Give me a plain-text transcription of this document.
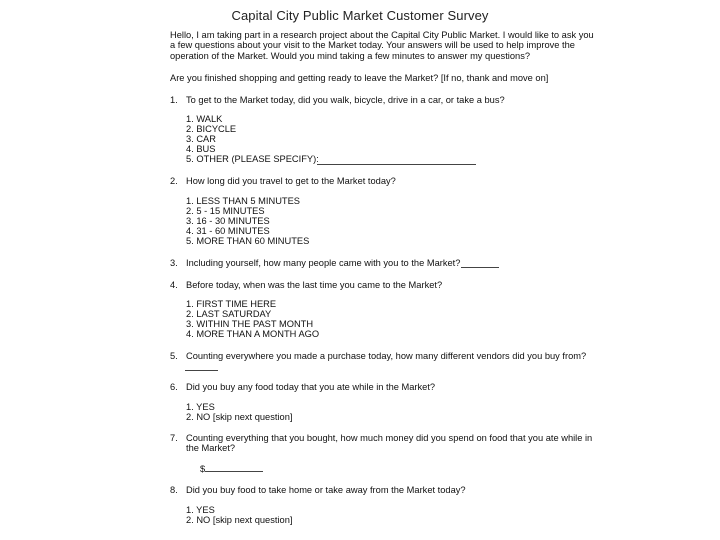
Capital City Public Market Customer Survey
Hello, I am taking part in a research project about the Capital City Public Market. I would like to ask you
a few questions about your visit to the Market today. Your answers will be used to help improve the
operation of the Market. Would you mind taking a few minutes to answer my questions?
Are you finished shopping and getting ready to leave the Market? [If no, thank and move on]
1. To get to the Market today, did you walk, bicycle, drive in a car, or take a bus?
1. WALK
2. BICYCLE
3. CAR
4. BUS
5. OTHER (PLEASE SPECIFY):
2. How long did you travel to get to the Market today?
1. LESS THAN 5 MINUTES
2. 5 - 15 MINUTES
3. 16 - 30 MINUTES
4. 31 - 60 MINUTES
5. MORE THAN 60 MINUTES
3. Including yourself, how many people came with you to the Market?
4. Before today, when was the last time you came to the Market?
1. FIRST TIME HERE
2. LAST SATURDAY
3. WITHIN THE PAST MONTH
4. MORE THAN A MONTH AGO
5. Counting everywhere you made a purchase today, how many different vendors did you buy from?
6. Did you buy any food today that you ate while in the Market?
1. YES
2. NO [skip next question]
7. Counting everything that you bought, how much money did you spend on food that you ate while in
the Market?
$
8. Did you buy food to take home or take away from the Market today?
1. YES
2. NO [skip next question]
